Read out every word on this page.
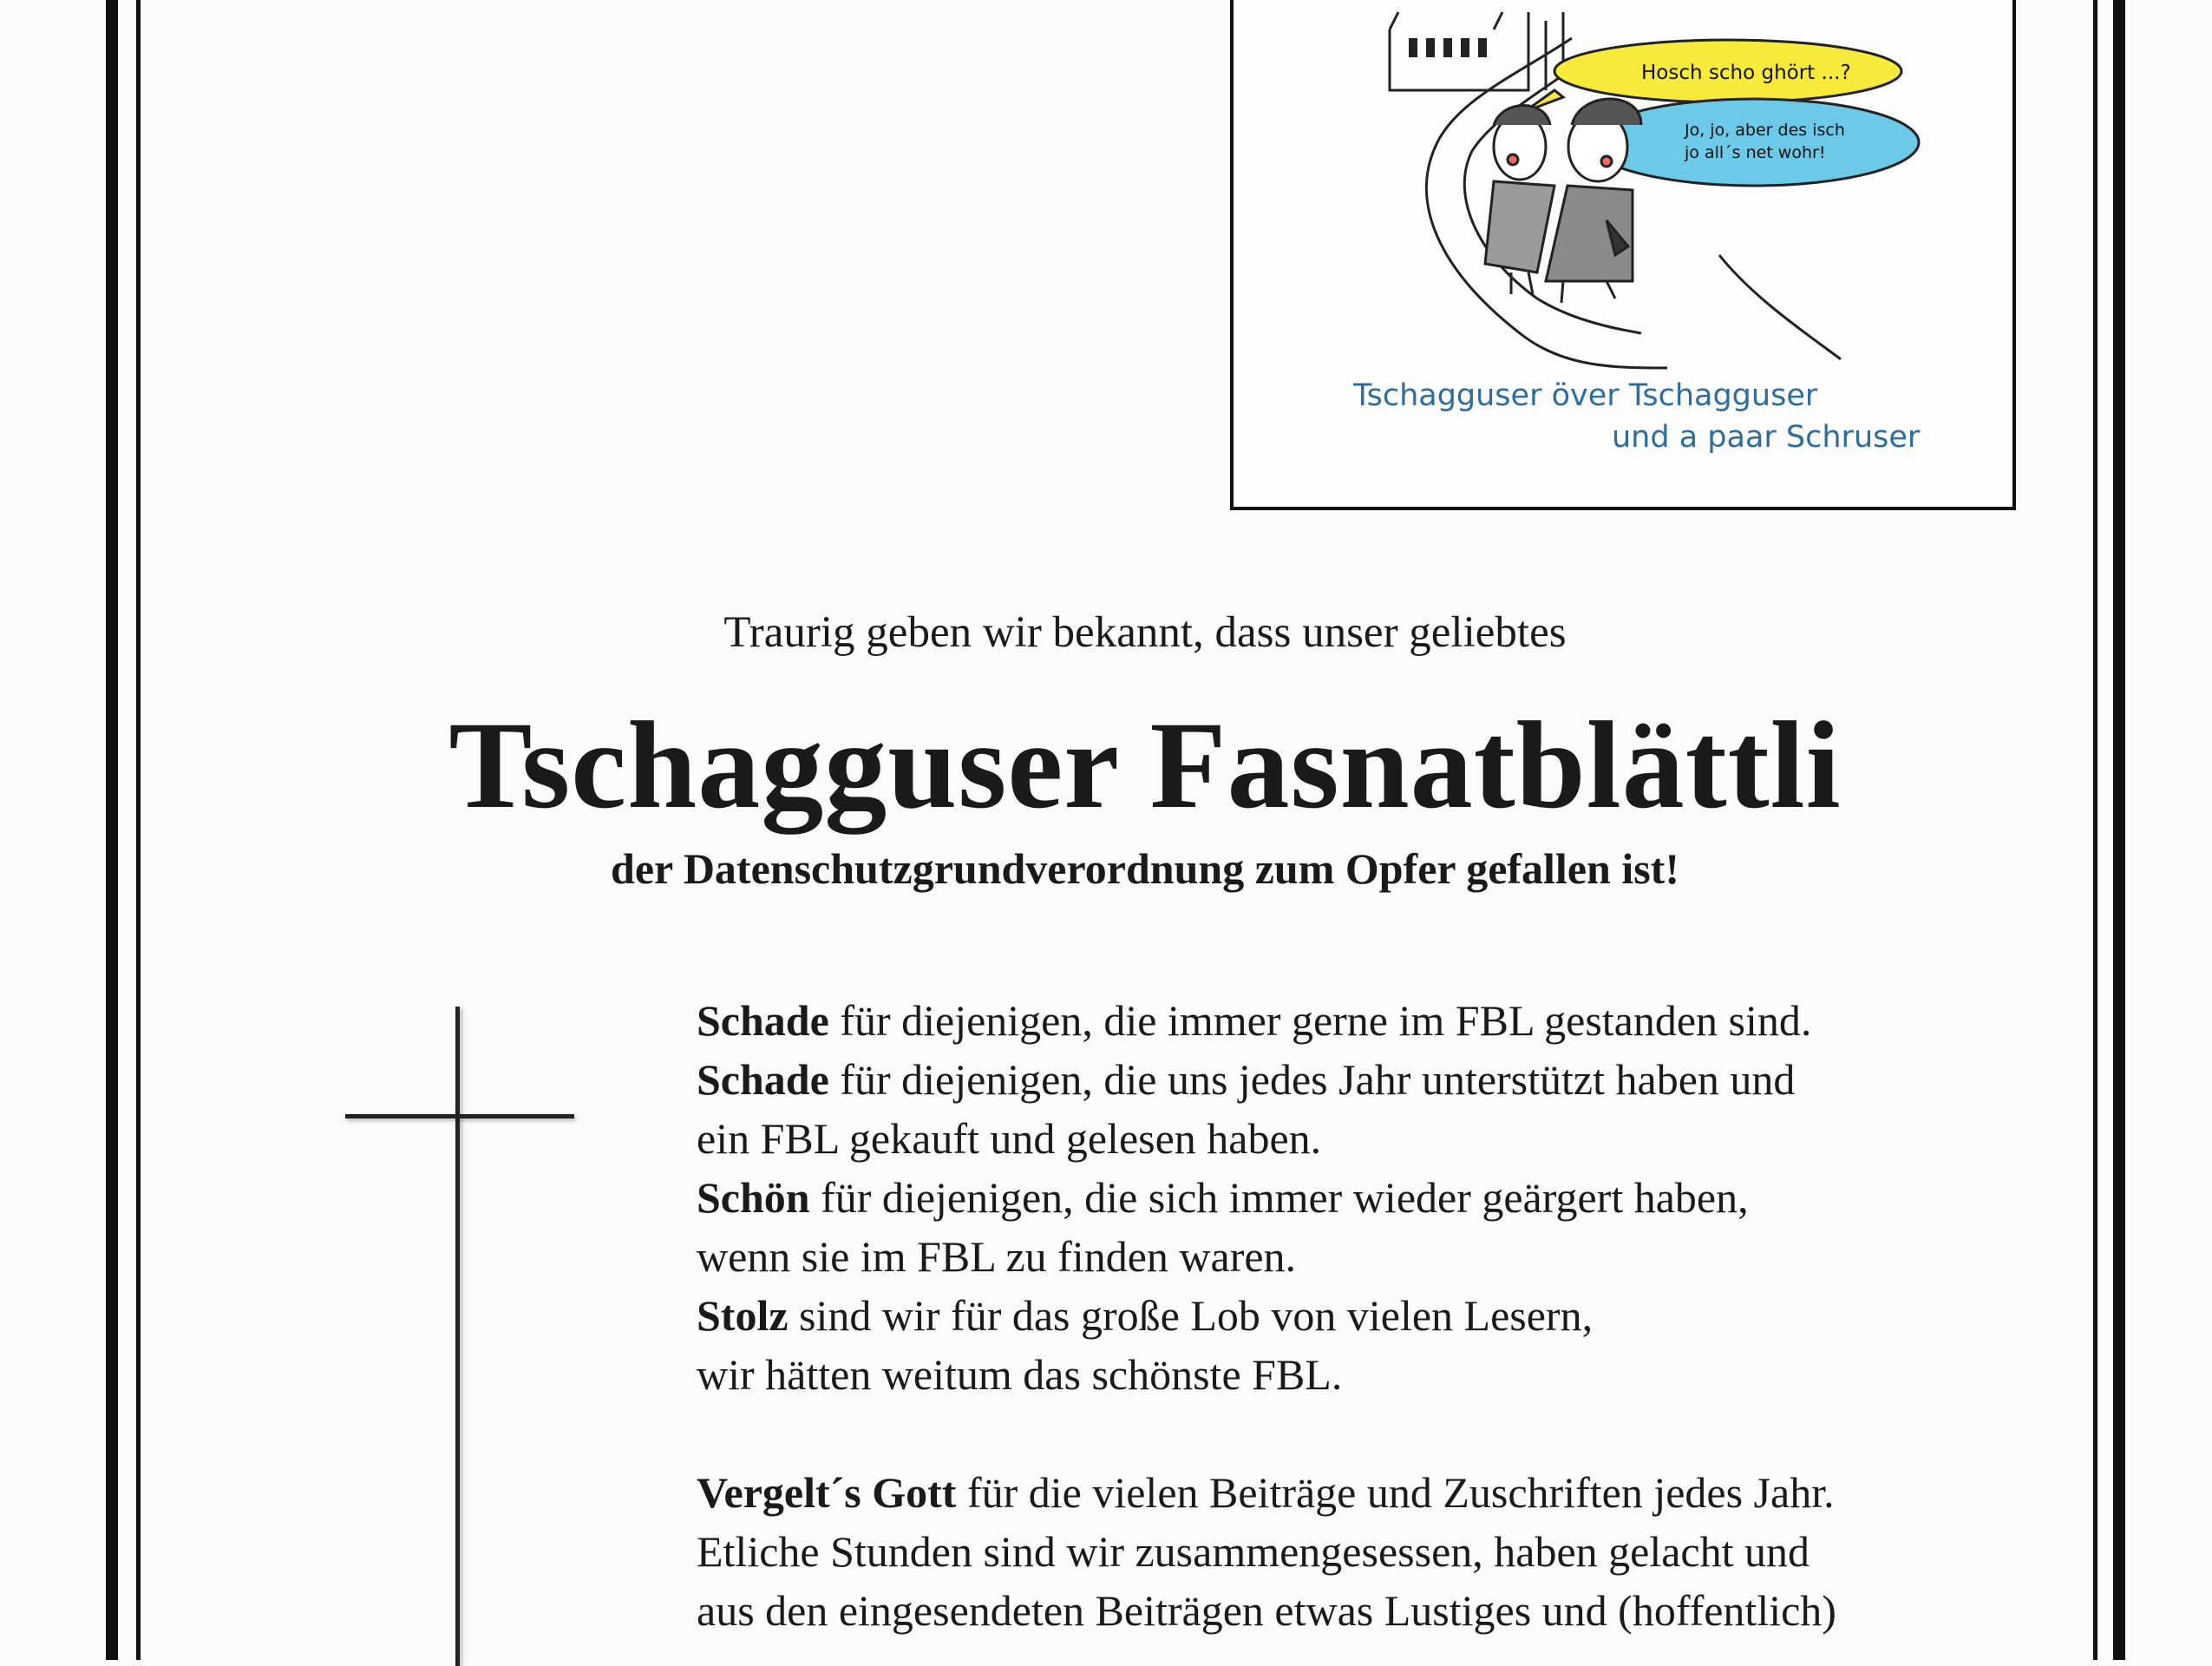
Hosch scho ghört ...?
Jo, jo, aber des isch
jo all´s net wohr!
Tschagguser över Tschagguser
und a paar Schruser
Traurig geben wir bekannt, dass unser geliebtes
Tschagguser Fasnatblättli
der Datenschutzgrundverordnung zum Opfer gefallen ist!
Schade für diejenigen, die immer gerne im FBL gestanden sind.
Schade für diejenigen, die uns jedes Jahr unterstützt haben und
ein FBL gekauft und gelesen haben.
Schön für diejenigen, die sich immer wieder geärgert haben,
wenn sie im FBL zu finden waren.
Stolz sind wir für das große Lob von vielen Lesern,
wir hätten weitum das schönste FBL.
Vergelt´s Gott für die vielen Beiträge und Zuschriften jedes Jahr.
Etliche Stunden sind wir zusammengesessen, haben gelacht und
aus den eingesendeten Beiträgen etwas Lustiges und (hoffentlich)
